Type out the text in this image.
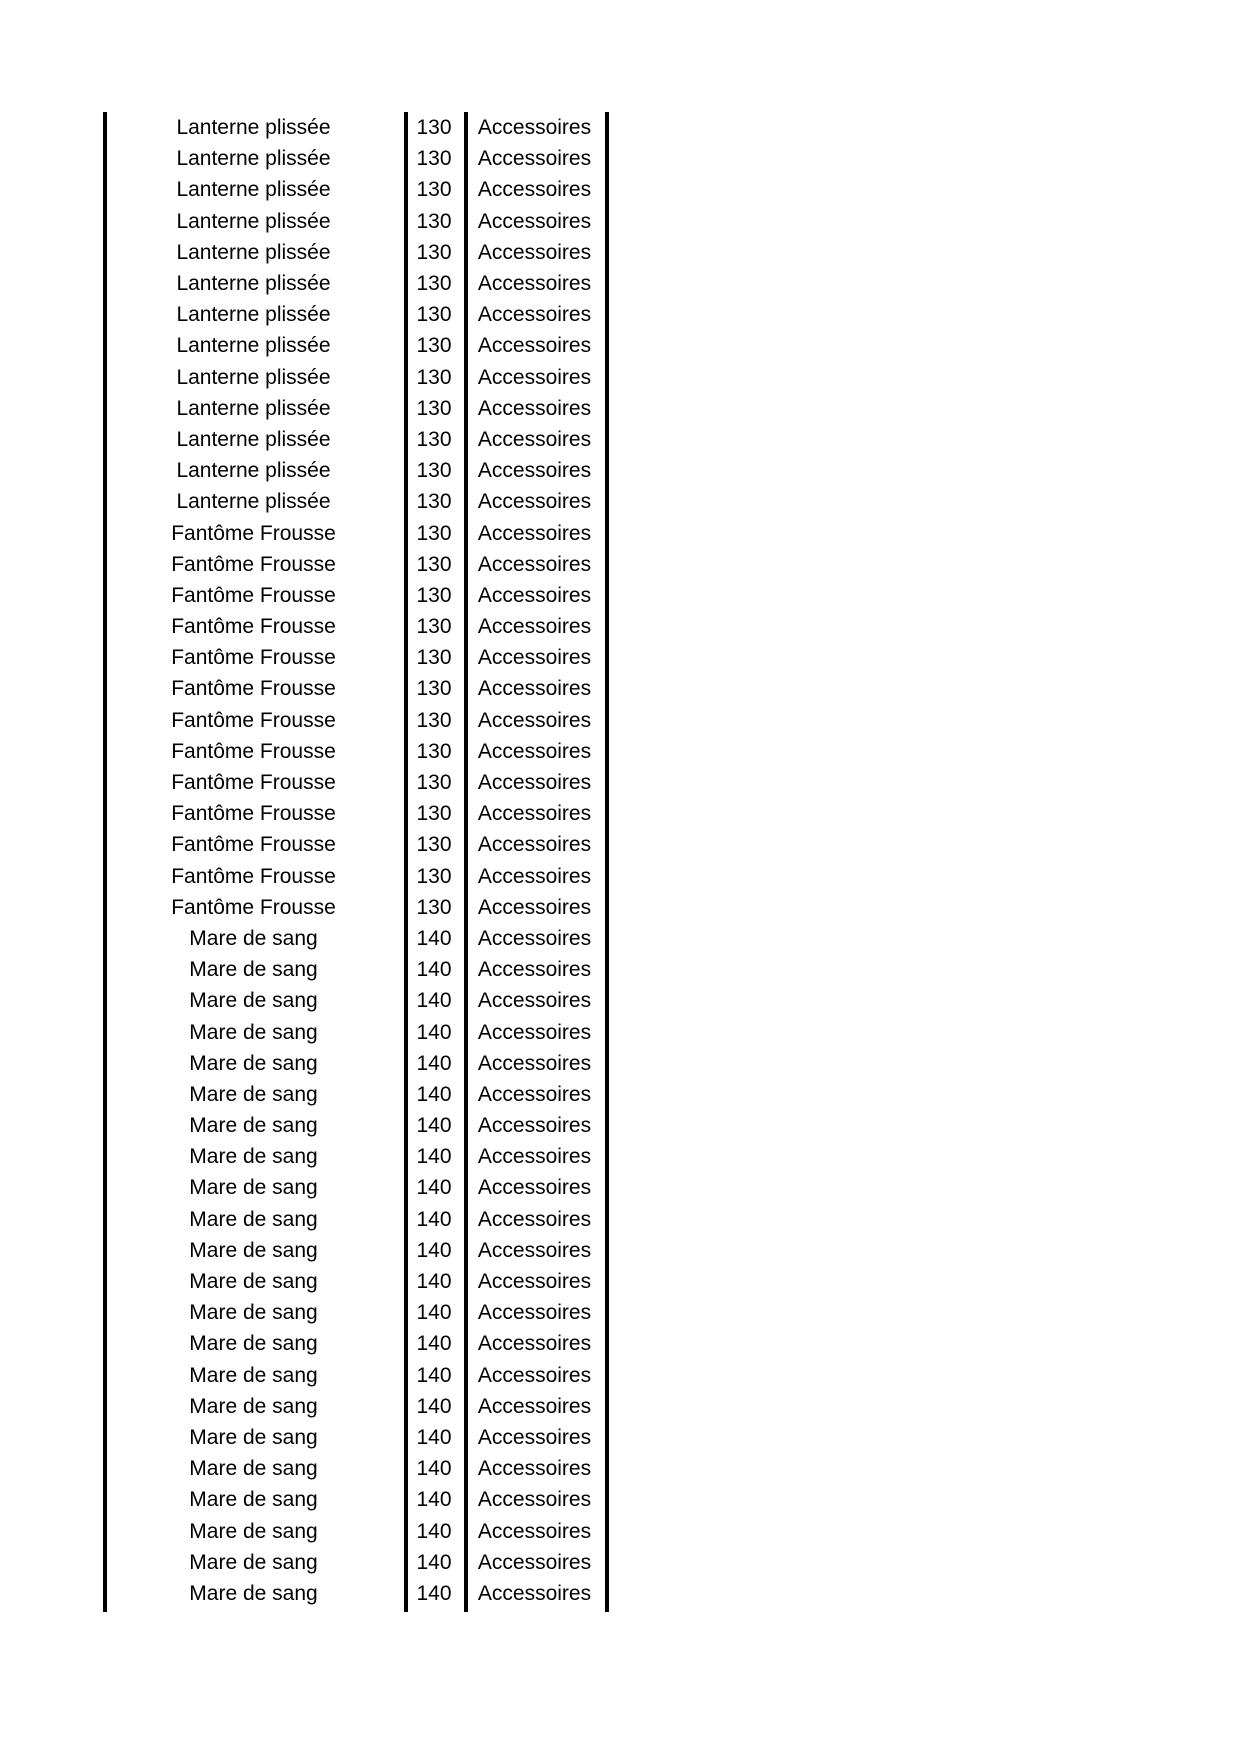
Lanterne plissée	130	Accessoires
Lanterne plissée	130	Accessoires
Lanterne plissée	130	Accessoires
Lanterne plissée	130	Accessoires
Lanterne plissée	130	Accessoires
Lanterne plissée	130	Accessoires
Lanterne plissée	130	Accessoires
Lanterne plissée	130	Accessoires
Lanterne plissée	130	Accessoires
Lanterne plissée	130	Accessoires
Lanterne plissée	130	Accessoires
Lanterne plissée	130	Accessoires
Lanterne plissée	130	Accessoires
Fantôme Frousse	130	Accessoires
Fantôme Frousse	130	Accessoires
Fantôme Frousse	130	Accessoires
Fantôme Frousse	130	Accessoires
Fantôme Frousse	130	Accessoires
Fantôme Frousse	130	Accessoires
Fantôme Frousse	130	Accessoires
Fantôme Frousse	130	Accessoires
Fantôme Frousse	130	Accessoires
Fantôme Frousse	130	Accessoires
Fantôme Frousse	130	Accessoires
Fantôme Frousse	130	Accessoires
Fantôme Frousse	130	Accessoires
Mare de sang	140	Accessoires
Mare de sang	140	Accessoires
Mare de sang	140	Accessoires
Mare de sang	140	Accessoires
Mare de sang	140	Accessoires
Mare de sang	140	Accessoires
Mare de sang	140	Accessoires
Mare de sang	140	Accessoires
Mare de sang	140	Accessoires
Mare de sang	140	Accessoires
Mare de sang	140	Accessoires
Mare de sang	140	Accessoires
Mare de sang	140	Accessoires
Mare de sang	140	Accessoires
Mare de sang	140	Accessoires
Mare de sang	140	Accessoires
Mare de sang	140	Accessoires
Mare de sang	140	Accessoires
Mare de sang	140	Accessoires
Mare de sang	140	Accessoires
Mare de sang	140	Accessoires
Mare de sang	140	Accessoires
